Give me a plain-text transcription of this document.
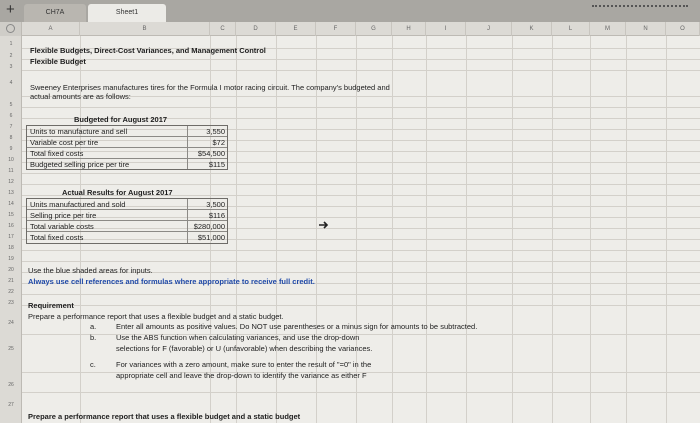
+	CH7A	Sheet1
A	B	C	D	E	F	G	H	I	J	K	L	M	N	O
1
2
3
4
5
6
7
8
9
10
11
12
13
14
15
16
17
18
19
20
21
22
23
24
25
26
27
Flexible Budgets, Direct-Cost Variances, and Management Control
Flexible Budget
Sweeney Enterprises manufactures tires for the Formula I motor racing circuit. The company's budgeted and
actual amounts are as follows:
Budgeted for August 2017
Units to manufacture and sell	3,550
Variable cost per tire	$72
Total fixed costs	$54,500
Budgeted selling price per tire	$115
Actual Results for August 2017
Units manufactured and sold	3,500
Selling price per tire	$116
Total variable costs	$280,000
Total fixed costs	$51,000
Use the blue shaded areas for inputs.
Always use cell references and formulas where appropriate to receive full credit.
Requirement
Prepare a performance report that uses a flexible budget and a static budget.
a.	Enter all amounts as positive values. Do NOT use parentheses or a minus sign for amounts to be subtracted.
b.	Use the ABS function when calculating variances, and use the drop-down
selections for F (favorable) or U (unfavorable) when describing the variances.
c.	For variances with a zero amount, make sure to enter the result of "=0" in the
appropriate cell and leave the drop-down to identify the variance as either F
Prepare a performance report that uses a flexible budget and a static budget
